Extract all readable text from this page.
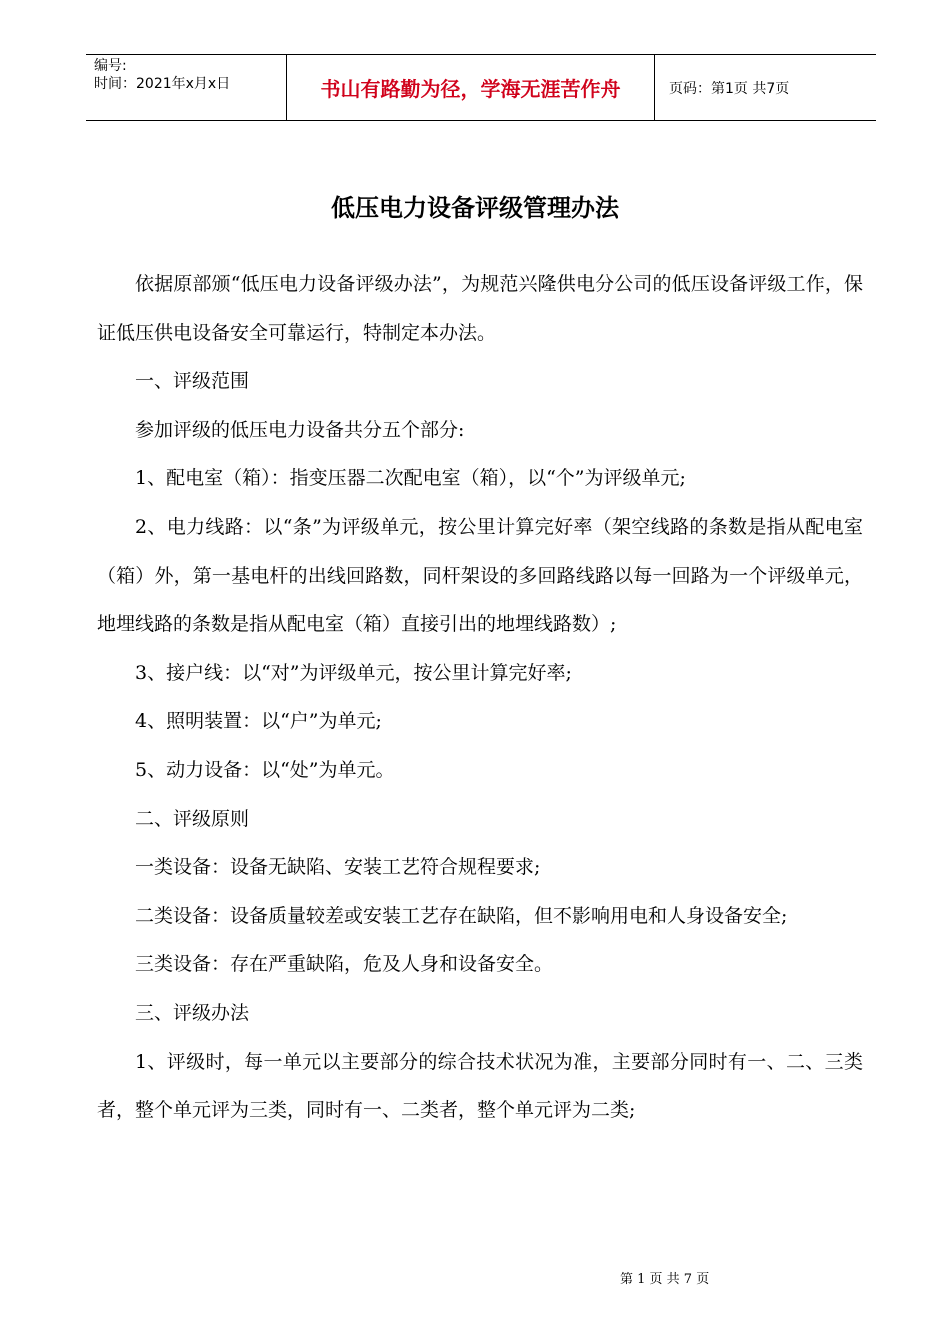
编号:
时间：2021年x月x日	书山有路勤为径，学海无涯苦作舟	页码：第1页 共7页
低压电力设备评级管理办法

依据原部颁“低压电力设备评级办法”，为规范兴隆供电分公司的低压设备评级工作，保证低压供电设备安全可靠运行，特制定本办法。

一、评级范围

参加评级的低压电力设备共分五个部分:

1、配电室（箱）：指变压器二次配电室（箱），以“个”为评级单元;

2、电力线路：以“条”为评级单元，按公里计算完好率（架空线路的条数是指从配电室（箱）外，第一基电杆的出线回路数，同杆架设的多回路线路以每一回路为一个评级单元，地埋线路的条数是指从配电室（箱）直接引出的地埋线路数）;

3、接户线：以“对”为评级单元，按公里计算完好率;

4、照明装置：以“户”为单元;

5、动力设备：以“处”为单元。

二、评级原则

一类设备：设备无缺陷、安装工艺符合规程要求;

二类设备：设备质量较差或安装工艺存在缺陷，但不影响用电和人身设备安全;

三类设备：存在严重缺陷，危及人身和设备安全。

三、评级办法

1、评级时，每一单元以主要部分的综合技术状况为准，主要部分同时有一、二、三类者，整个单元评为三类，同时有一、二类者，整个单元评为二类;

第 1 页 共 7 页
